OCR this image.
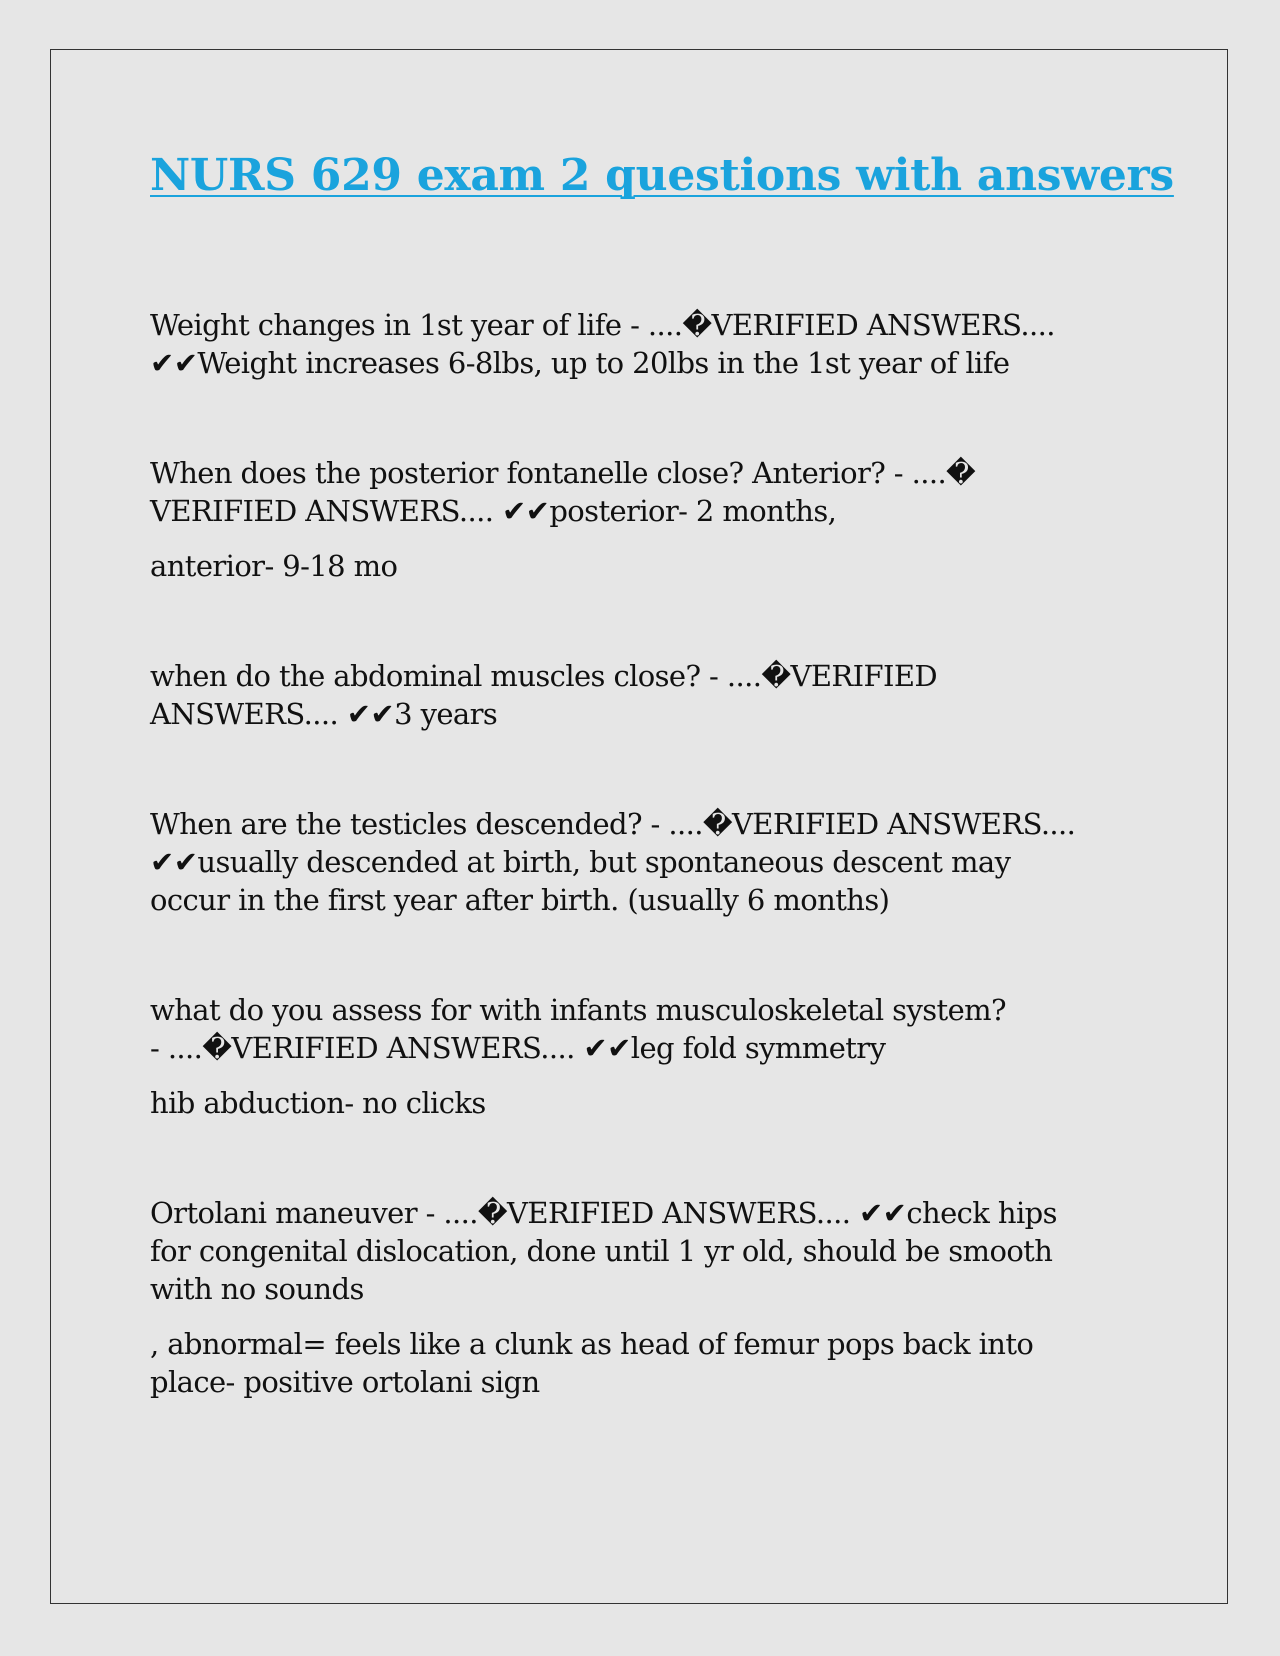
NURS 629 exam 2 questions with answers
Weight changes in 1st year of life - ....�VERIFIED ANSWERS....
✔✔Weight increases 6-8lbs, up to 20lbs in the 1st year of life
When does the posterior fontanelle close? Anterior? - ....�
VERIFIED ANSWERS.... ✔✔posterior- 2 months,
anterior- 9-18 mo
when do the abdominal muscles close? - ....�VERIFIED
ANSWERS.... ✔✔3 years
When are the testicles descended? - ....�VERIFIED ANSWERS....
✔✔usually descended at birth, but spontaneous descent may
occur in the first year after birth. (usually 6 months)
what do you assess for with infants musculoskeletal system?
- ....�VERIFIED ANSWERS.... ✔✔leg fold symmetry
hib abduction- no clicks
Ortolani maneuver - ....�VERIFIED ANSWERS.... ✔✔check hips
for congenital dislocation, done until 1 yr old, should be smooth
with no sounds
, abnormal= feels like a clunk as head of femur pops back into
place- positive ortolani sign
